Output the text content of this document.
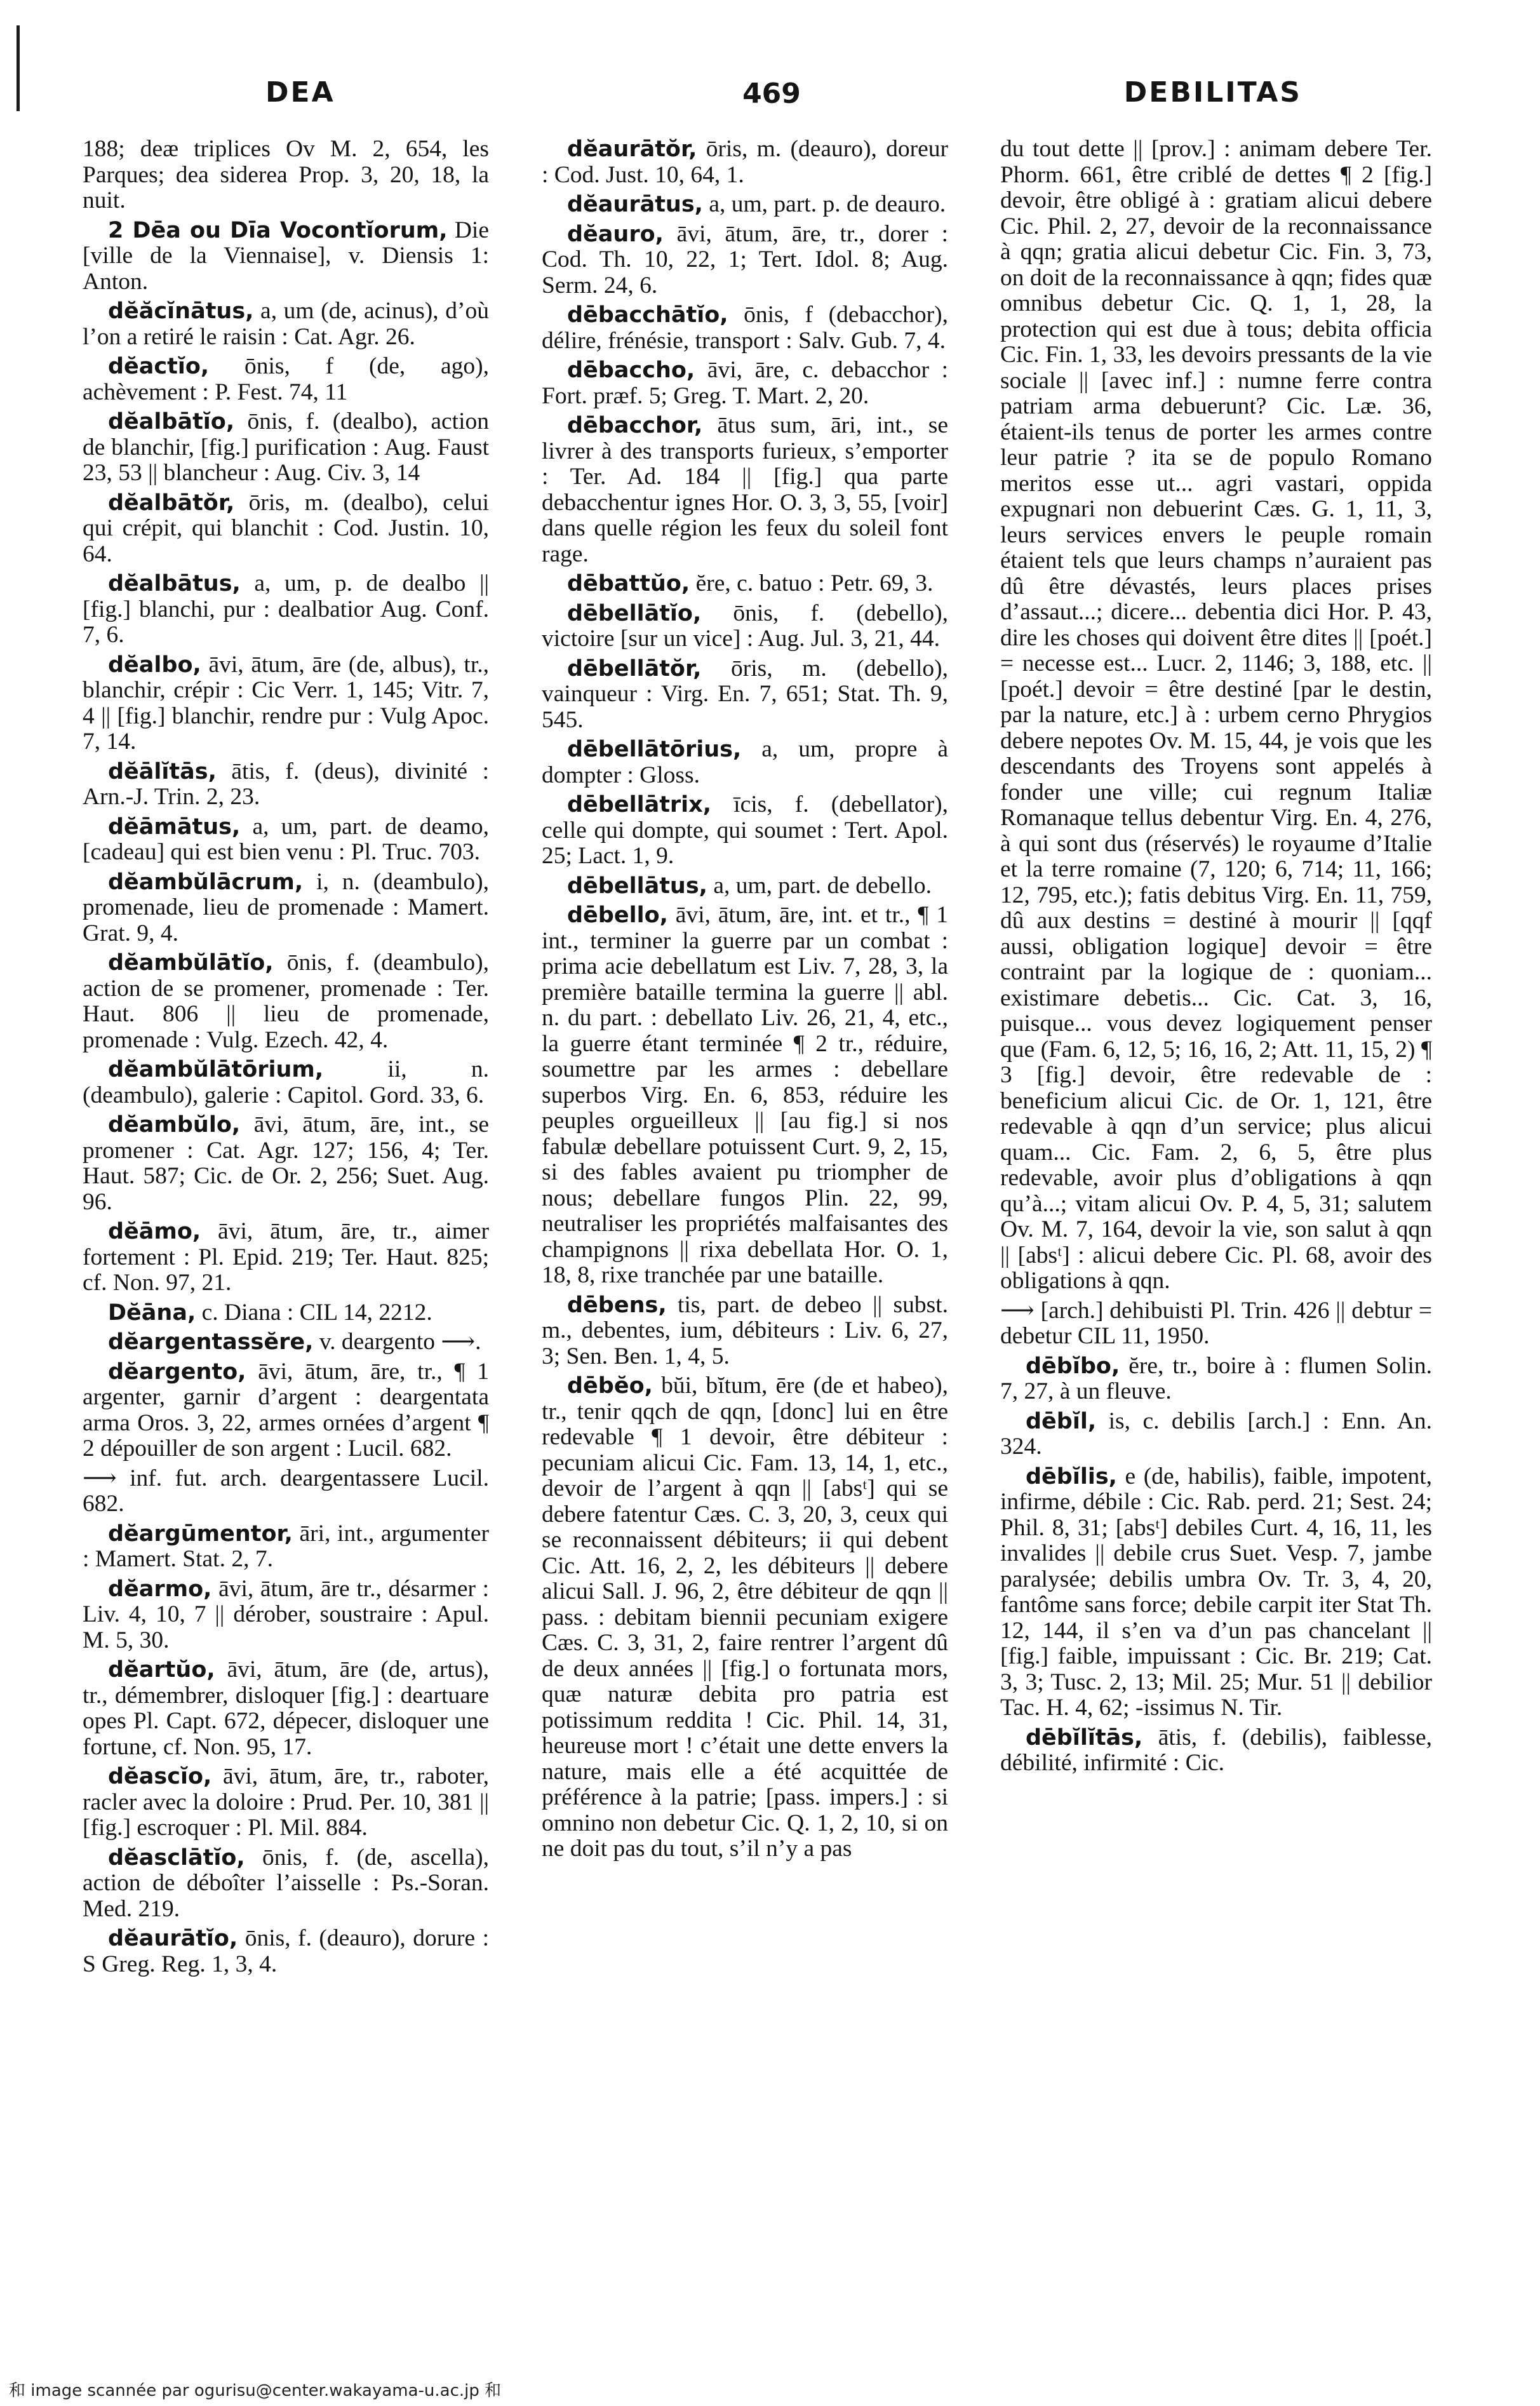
DEA	469	DEBILITAS

188; deæ triplices Ov M. 2, 654, les Parques; dea siderea Prop. 3, 20, 18, la nuit.

2 Dēa ou Dīa Vocontĭorum, Die [ville de la Viennaise], v. Diensis 1: Anton.

dĕăcĭnātus, a, um (de, acinus), d’où l’on a retiré le raisin : Cat. Agr. 26.

dĕactĭo, ōnis, f (de, ago), achèvement : P. Fest. 74, 11

dĕalbātĭo, ōnis, f. (dealbo), action de blanchir, [fig.] purification : Aug. Faust 23, 53 || blancheur : Aug. Civ. 3, 14

dĕalbātŏr, ōris, m. (dealbo), celui qui crépit, qui blanchit : Cod. Justin. 10, 64.

dĕalbātus, a, um, p. de dealbo || [fig.] blanchi, pur : dealbatior Aug. Conf. 7, 6.

dĕalbo, āvi, ātum, āre (de, albus), tr., blanchir, crépir : Cic Verr. 1, 145; Vitr. 7, 4 || [fig.] blanchir, rendre pur : Vulg Apoc. 7, 14.

dĕālĭtās, ātis, f. (deus), divinité : Arn.-J. Trin. 2, 23.

dĕāmātus, a, um, part. de deamo, [cadeau] qui est bien venu : Pl. Truc. 703.

dĕambŭlācrum, i, n. (deambulo), promenade, lieu de promenade : Mamert. Grat. 9, 4.

dĕambŭlātĭo, ōnis, f. (deambulo), action de se promener, promenade : Ter. Haut. 806 || lieu de promenade, promenade : Vulg. Ezech. 42, 4.

dĕambŭlātōrium, ii, n. (deambulo), galerie : Capitol. Gord. 33, 6.

dĕambŭlo, āvi, ātum, āre, int., se promener : Cat. Agr. 127; 156, 4; Ter. Haut. 587; Cic. de Or. 2, 256; Suet. Aug. 96.

dĕāmo, āvi, ātum, āre, tr., aimer fortement : Pl. Epid. 219; Ter. Haut. 825; cf. Non. 97, 21.

Dĕāna, c. Diana : CIL 14, 2212.

dĕargentassĕre, v. deargento ⟶.

dĕargento, āvi, ātum, āre, tr., ¶ 1 argenter, garnir d’argent : deargentata arma Oros. 3, 22, armes ornées d’argent ¶ 2 dépouiller de son argent : Lucil. 682.

⟶ inf. fut. arch. deargentassere Lucil. 682.

dĕargūmentor, āri, int., argumenter : Mamert. Stat. 2, 7.

dĕarmo, āvi, ātum, āre tr., désarmer : Liv. 4, 10, 7 || dérober, soustraire : Apul. M. 5, 30.

dĕartŭo, āvi, ātum, āre (de, artus), tr., démembrer, disloquer [fig.] : deartuare opes Pl. Capt. 672, dépecer, disloquer une fortune, cf. Non. 95, 17.

dĕascĭo, āvi, ātum, āre, tr., raboter, racler avec la doloire : Prud. Per. 10, 381 || [fig.] escroquer : Pl. Mil. 884.

dĕasclātĭo, ōnis, f. (de, ascella), action de déboîter l’aisselle : Ps.-Soran. Med. 219.

dĕaurātĭo, ōnis, f. (deauro), dorure : S Greg. Reg. 1, 3, 4.

dĕaurātŏr, ōris, m. (deauro), doreur : Cod. Just. 10, 64, 1.

dĕaurātus, a, um, part. p. de deauro.

dĕauro, āvi, ātum, āre, tr., dorer : Cod. Th. 10, 22, 1; Tert. Idol. 8; Aug. Serm. 24, 6.

dēbacchātĭo, ōnis, f (debacchor), délire, frénésie, transport : Salv. Gub. 7, 4.

dēbaccho, āvi, āre, c. debacchor : Fort. præf. 5; Greg. T. Mart. 2, 20.

dēbacchor, ātus sum, āri, int., se livrer à des transports furieux, s’emporter : Ter. Ad. 184 || [fig.] qua parte debacchentur ignes Hor. O. 3, 3, 55, [voir] dans quelle région les feux du soleil font rage.

dēbattŭo, ĕre, c. batuo : Petr. 69, 3.

dēbellātĭo, ōnis, f. (debello), victoire [sur un vice] : Aug. Jul. 3, 21, 44.

dēbellātŏr, ōris, m. (debello), vainqueur : Virg. En. 7, 651; Stat. Th. 9, 545.

dēbellātōrius, a, um, propre à dompter : Gloss.

dēbellātrix, īcis, f. (debellator), celle qui dompte, qui soumet : Tert. Apol. 25; Lact. 1, 9.

dēbellātus, a, um, part. de debello.

dēbello, āvi, ātum, āre, int. et tr., ¶ 1 int., terminer la guerre par un combat : prima acie debellatum est Liv. 7, 28, 3, la première bataille termina la guerre || abl. n. du part. : debellato Liv. 26, 21, 4, etc., la guerre étant terminée ¶ 2 tr., réduire, soumettre par les armes : debellare superbos Virg. En. 6, 853, réduire les peuples orgueilleux || [au fig.] si nos fabulæ debellare potuissent Curt. 9, 2, 15, si des fables avaient pu triompher de nous; debellare fungos Plin. 22, 99, neutraliser les propriétés malfaisantes des champignons || rixa debellata Hor. O. 1, 18, 8, rixe tranchée par une bataille.

dēbens, tis, part. de debeo || subst. m., debentes, ium, débiteurs : Liv. 6, 27, 3; Sen. Ben. 1, 4, 5.

dēbĕo, bŭi, bĭtum, ēre (de et habeo), tr., tenir qqch de qqn, [donc] lui en être redevable ¶ 1 devoir, être débiteur : pecuniam alicui Cic. Fam. 13, 14, 1, etc., devoir de l’argent à qqn || [absᵗ] qui se debere fatentur Cæs. C. 3, 20, 3, ceux qui se reconnaissent débiteurs; ii qui debent Cic. Att. 16, 2, 2, les débiteurs || debere alicui Sall. J. 96, 2, être débiteur de qqn || pass. : debitam biennii pecuniam exigere Cæs. C. 3, 31, 2, faire rentrer l’argent dû de deux années || [fig.] o fortunata mors, quæ naturæ debita pro patria est potissimum reddita ! Cic. Phil. 14, 31, heureuse mort ! c’était une dette envers la nature, mais elle a été acquittée de préférence à la patrie; [pass. impers.] : si omnino non debetur Cic. Q. 1, 2, 10, si on ne doit pas du tout, s’il n’y a pas

du tout dette || [prov.] : animam debere Ter. Phorm. 661, être criblé de dettes ¶ 2 [fig.] devoir, être obligé à : gratiam alicui debere Cic. Phil. 2, 27, devoir de la reconnaissance à qqn; gratia alicui debetur Cic. Fin. 3, 73, on doit de la reconnaissance à qqn; fides quæ omnibus debetur Cic. Q. 1, 1, 28, la protection qui est due à tous; debita officia Cic. Fin. 1, 33, les devoirs pressants de la vie sociale || [avec inf.] : numne ferre contra patriam arma debuerunt? Cic. Læ. 36, étaient-ils tenus de porter les armes contre leur patrie ? ita se de populo Romano meritos esse ut... agri vastari, oppida expugnari non debuerint Cæs. G. 1, 11, 3, leurs services envers le peuple romain étaient tels que leurs champs n’auraient pas dû être dévastés, leurs places prises d’assaut...; dicere... debentia dici Hor. P. 43, dire les choses qui doivent être dites || [poét.] = necesse est... Lucr. 2, 1146; 3, 188, etc. || [poét.] devoir = être destiné [par le destin, par la nature, etc.] à : urbem cerno Phrygios debere nepotes Ov. M. 15, 44, je vois que les descendants des Troyens sont appelés à fonder une ville; cui regnum Italiæ Romanaque tellus debentur Virg. En. 4, 276, à qui sont dus (réservés) le royaume d’Italie et la terre romaine (7, 120; 6, 714; 11, 166; 12, 795, etc.); fatis debitus Virg. En. 11, 759, dû aux destins = destiné à mourir || [qqf aussi, obligation logique] devoir = être contraint par la logique de : quoniam... existimare debetis... Cic. Cat. 3, 16, puisque... vous devez logiquement penser que (Fam. 6, 12, 5; 16, 16, 2; Att. 11, 15, 2) ¶ 3 [fig.] devoir, être redevable de : beneficium alicui Cic. de Or. 1, 121, être redevable à qqn d’un service; plus alicui quam... Cic. Fam. 2, 6, 5, être plus redevable, avoir plus d’obligations à qqn qu’à...; vitam alicui Ov. P. 4, 5, 31; salutem Ov. M. 7, 164, devoir la vie, son salut à qqn || [absᵗ] : alicui debere Cic. Pl. 68, avoir des obligations à qqn.

⟶ [arch.] dehibuisti Pl. Trin. 426 || debtur = debetur CIL 11, 1950.

dēbĭbo, ĕre, tr., boire à : flumen Solin. 7, 27, à un fleuve.

dēbĭl, is, c. debilis [arch.] : Enn. An. 324.

dēbĭlis, e (de, habilis), faible, impotent, infirme, débile : Cic. Rab. perd. 21; Sest. 24; Phil. 8, 31; [absᵗ] debiles Curt. 4, 16, 11, les invalides || debile crus Suet. Vesp. 7, jambe paralysée; debilis umbra Ov. Tr. 3, 4, 20, fantôme sans force; debile carpit iter Stat Th. 12, 144, il s’en va d’un pas chancelant || [fig.] faible, impuissant : Cic. Br. 219; Cat. 3, 3; Tusc. 2, 13; Mil. 25; Mur. 51 || debilior Tac. H. 4, 62; -issimus N. Tir.

dēbĭlĭtās, ātis, f. (debilis), faiblesse, débilité, infirmité : Cic.

和 image scannée par ogurisu@center.wakayama-u.ac.jp 和
